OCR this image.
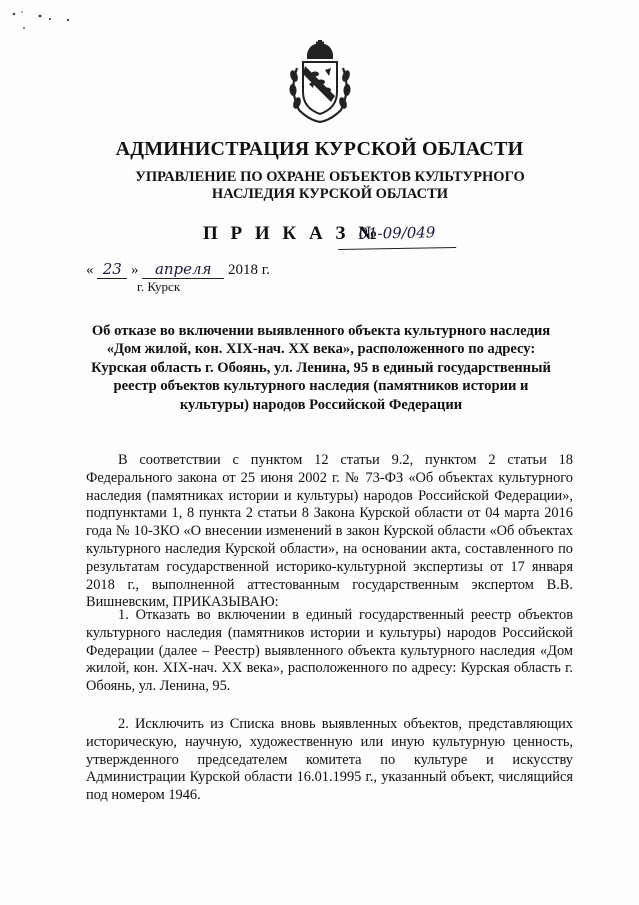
АДМИНИСТРАЦИЯ КУРСКОЙ ОБЛАСТИ
УПРАВЛЕНИЕ ПО ОХРАНЕ ОБЪЕКТОВ КУЛЬТУРНОГО
НАСЛЕДИЯ КУРСКОЙ ОБЛАСТИ
П Р И К А З №
01-09/049
« 23 » апреля 2018 г.
г. Курск
Об отказе во включении выявленного объекта культурного наследия
«Дом жилой, кон. XIX-нач. XX века», расположенного по адресу:
Курская область г. Обоянь, ул. Ленина, 95 в единый государственный
реестр объектов культурного наследия (памятников истории и
культуры) народов Российской Федерации
В соответствии с пунктом 12 статьи 9.2, пунктом 2 статьи 18 Федерального закона от 25 июня 2002 г. № 73-ФЗ «Об объектах культурного наследия (памятниках истории и культуры) народов Российской Федерации», подпунктами 1, 8 пункта 2 статьи 8 Закона Курской области от 04 марта 2016 года № 10-ЗКО «О внесении изменений в закон Курской области «Об объектах культурного наследия Курской области», на основании акта, составленного по результатам государственной историко-культурной экспертизы от 17 января 2018 г., выполненной аттестованным государственным экспертом В.В. Вишневским, ПРИКАЗЫВАЮ:
1. Отказать во включении в единый государственный реестр объектов культурного наследия (памятников истории и культуры) народов Российской Федерации (далее – Реестр) выявленного объекта культурного наследия «Дом жилой, кон. XIX-нач. XX века», расположенного по адресу: Курская область г. Обоянь, ул. Ленина, 95.
2. Исключить из Списка вновь выявленных объектов, представляющих историческую, научную, художественную или иную культурную ценность, утвержденного председателем комитета по культуре и искусству Администрации Курской области 16.01.1995 г., указанный объект, числящийся под номером 1946.
